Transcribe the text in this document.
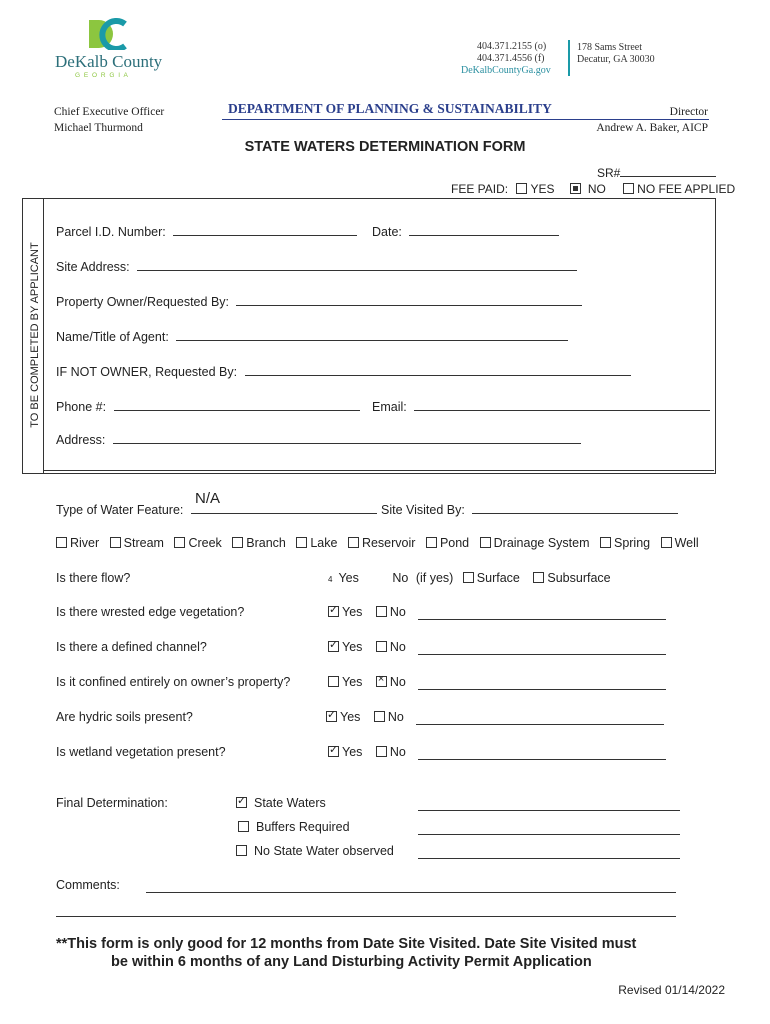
DeKalb County
G E O R G I A
404.371.2155 (o)
404.371.4556 (f)
DeKalbCountyGa.gov
178 Sams Street
Decatur, GA 30030
Chief Executive Officer
Michael Thurmond
DEPARTMENT OF PLANNING & SUSTAINABILITY	Director
Andrew A. Baker, AICP
STATE WATERS DETERMINATION FORM
SR#
FEE PAID: YES	NO	NO FEE APPLIED
TO BE COMPLETED BY APPLICANT
Parcel I.D. Number:	Date:
Site Address:
Property Owner/Requested By:
Name/Title of Agent:
IF NOT OWNER, Requested By:
Phone #:	Email:
Address:
N/A
Type of Water Feature:	Site Visited By:
River Stream Creek Branch Lake Reservoir Pond Drainage System Spring Well
Is there flow?	4 Yes	No (if yes) Surface Subsurface
Is there wrested edge vegetation? ✓	Yes No
Is there a defined channel? ✓	Yes No
Is it confined entirely on owner’s property?	Yes × No
Are hydric soils present? ✓	Yes No
Is wetland vegetation present? ✓	Yes No
Final Determination: ✓	State Waters
Buffers Required
No State Water observed
Comments:
**This form is only good for 12 months from Date Site Visited. Date Site Visited must
be within 6 months of any Land Disturbing Activity Permit Application
Revised 01/14/2022
